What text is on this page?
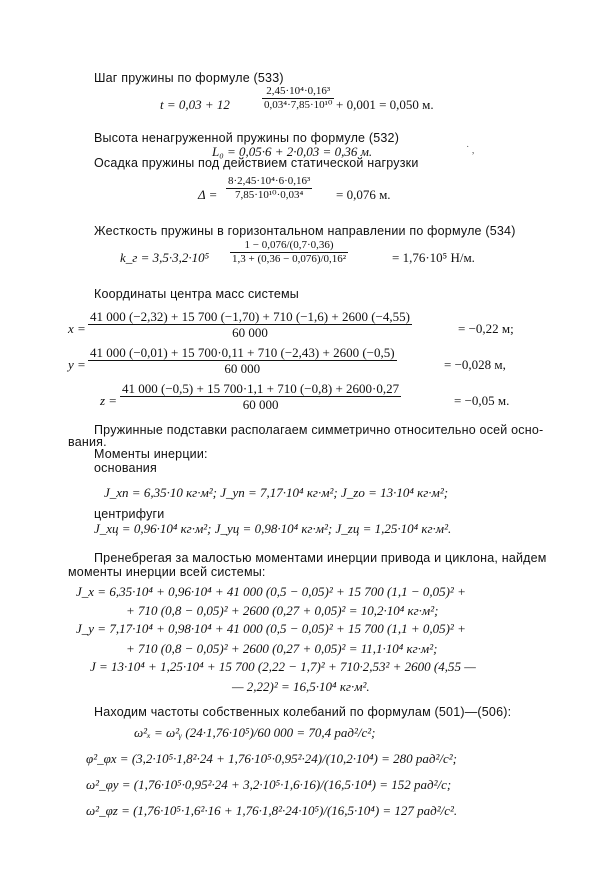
Шаг пружины по формуле (533)
t = 0,03 + 12	$\frac{\text{2,45·10⁴·0,16³}}{\text{0,03⁴·7,85·10¹⁰}} + 0,001 = 0,050$ м.
Высота ненагруженной пружины по формуле (532)
L₀ = 0,05·6 + 2·0,03 = 0,36 м.	˙ ,
Осадка пружины под действием статической нагрузки
$\Delta = \frac{\text{8·2,45·10⁴·6·0,16³}}{\text{7,85·10¹⁰·0,03⁴}} = 0,076$ м.
Жесткость пружины в горизонтальном направлении по формуле (534)
k_г = $3,5\cdot 3,2\cdot 10^5 \frac{1 - 0,076/(0,7\cdot 0,36)}{\text{1,3 + (0,36 − 0,076)/0,16²}}$	= 1,76·10⁵ Н/м.
Координаты центра масс системы
$x = \frac{41 000 (-2,32) + 15 700 (-1,70) + 710 (-1,6) + 2600 (-4,55)}{60 000}$	= −0,22 м;
$y = \frac{41 000 (-0,01) + 15 700\cdot 0,11 + 710 (-2,43) + 2600 (-0,5)}{60 000}$	= −0,028 м,
$z = \frac{41 000 (-0,5) + 15 700\cdot 1,1 + 710 (-0,8) + 2600\cdot 0,27}{60 000}$	= −0,05 м.
Пружинные подставки располагаем симметрично относительно осей осно-
вания.
Моменты инерции:
основания
J_xп = 6,35·10 кг·м²; J_yп = 7,17·10⁴ кг·м²; J_zо = 13·10⁴ кг·м²;
центрифуги
J_xц = 0,96·10⁴ кг·м²; J_yц = 0,98·10⁴ кг·м²; J_zц = 1,25·10⁴ кг·м².
Пренебрегая за малостью моментами инерции привода и циклона, найдем
моменты инерции всей системы:
J_x = 6,35·10⁴ + 0,96·10⁴ + 41 000 (0,5 − 0,05)² + 15 700 (1,1 − 0,05)² +
+ 710 (0,8 − 0,05)² + 2600 (0,27 + 0,05)² = 10,2·10⁴ кг·м²;
J_y = 7,17·10⁴ + 0,98·10⁴ + 41 000 (0,5 − 0,05)² + 15 700 (1,1 + 0,05)² +
+ 710 (0,8 − 0,05)² + 2600 (0,27 + 0,05)² = 11,1·10⁴ кг·м²;
J = 13·10⁴ + 1,25·10⁴ + 15 700 (2,22 − 1,7)² + 710·2,53² + 2600 (4,55 —
— 2,22)² = 16,5·10⁴ кг·м².
Находим частоты собственных колебаний по формулам (501)—(506):
ω²ₓ = ω²ᵧ (24·1,76·10⁵)/60 000 = 70,4 рад²/с²;
φ²_φx = (3,2·10⁵·1,8²·24 + 1,76·10⁵·0,95²·24)/(10,2·10⁴) = 280 рад²/с²;
ω²_φy = (1,76·10⁵·0,95²·24 + 3,2·10⁵·1,6·16)/(16,5·10⁴) = 152 рад²/с;
ω²_φz = (1,76·10⁵·1,6²·16 + 1,76·1,8²·24·10⁵)/(16,5·10⁴) = 127 рад²/с².
